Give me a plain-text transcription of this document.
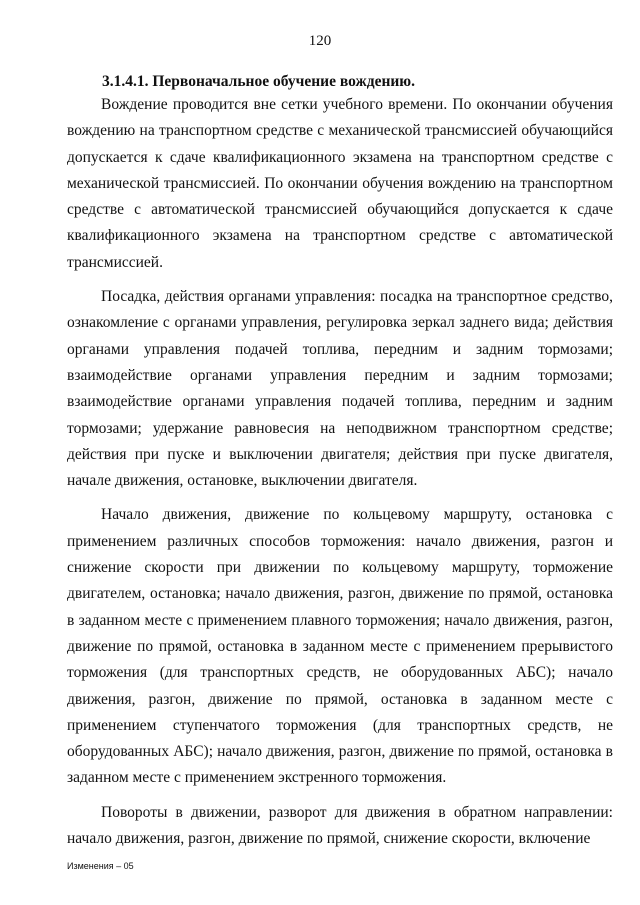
120
3.1.4.1. Первоначальное обучение вождению.

Вождение проводится вне сетки учебного времени. По окончании обучения вождению на транспортном средстве с механической трансмиссией обучающийся допускается к сдаче квалификационного экзамена на транспортном средстве с механической трансмиссией. По окончании обучения вождению на транспортном средстве с автоматической трансмиссией обучающийся допускается к сдаче квалификационного экзамена на транспортном средстве с автоматической трансмиссией.

Посадка, действия органами управления: посадка на транспортное средство, ознакомление с органами управления, регулировка зеркал заднего вида; действия органами управления подачей топлива, передним и задним тормозами; взаимодействие органами управления передним и задним тормозами; взаимодействие органами управления подачей топлива, передним и задним тормозами; удержание равновесия на неподвижном транспортном средстве; действия при пуске и выключении двигателя; действия при пуске двигателя, начале движения, остановке, выключении двигателя.

Начало движения, движение по кольцевому маршруту, остановка с применением различных способов торможения: начало движения, разгон и снижение скорости при движении по кольцевому маршруту, торможение двигателем, остановка; начало движения, разгон, движение по прямой, остановка в заданном месте с применением плавного торможения; начало движения, разгон, движение по прямой, остановка в заданном месте с применением прерывистого торможения (для транспортных средств, не оборудованных АБС); начало движения, разгон, движение по прямой, остановка в заданном месте с применением ступенчатого торможения (для транспортных средств, не оборудованных АБС); начало движения, разгон, движение по прямой, остановка в заданном месте с применением экстренного торможения.

Повороты в движении, разворот для движения в обратном направлении: начало движения, разгон, движение по прямой, снижение скорости, включение

Изменения – 05
